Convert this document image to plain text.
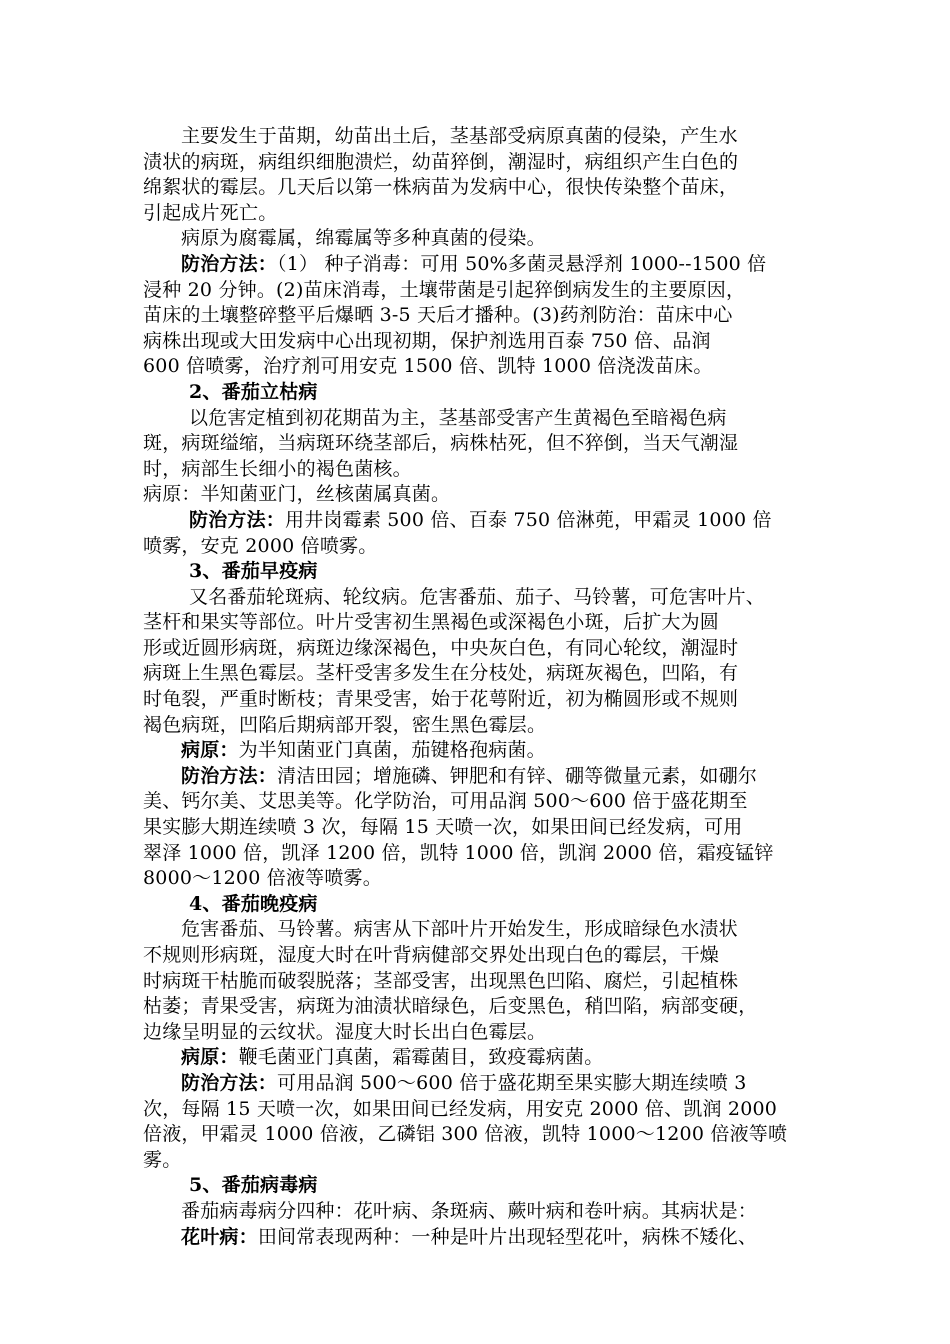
主要发生于苗期，幼苗出土后，茎基部受病原真菌的侵染，产生水

渍状的病斑，病组织细胞溃烂，幼苗猝倒，潮湿时，病组织产生白色的

绵絮状的霉层。几天后以第一株病苗为发病中心，很快传染整个苗床，

引起成片死亡。

病原为腐霉属，绵霉属等多种真菌的侵染。

防治方法：（1） 种子消毒：可用 50%多菌灵悬浮剂 1000--1500 倍

浸种 20 分钟。(2)苗床消毒，土壤带菌是引起猝倒病发生的主要原因，

苗床的土壤整碎整平后爆晒 3-5 天后才播种。(3)药剂防治：苗床中心

病株出现或大田发病中心出现初期，保护剂选用百泰 750 倍、品润

600 倍喷雾，治疗剂可用安克 1500 倍、凯特 1000 倍浇泼苗床。

2、番茄立枯病

以危害定植到初花期苗为主，茎基部受害产生黄褐色至暗褐色病

斑，病斑缢缩，当病斑环绕茎部后，病株枯死，但不猝倒，当天气潮湿

时，病部生长细小的褐色菌核。

病原：半知菌亚门，丝核菌属真菌。

防治方法：用井岗霉素 500 倍、百泰 750 倍淋蔸，甲霜灵 1000 倍

喷雾，安克 2000 倍喷雾。

3、番茄早疫病

又名番茄轮斑病、轮纹病。危害番茄、茄子、马铃薯，可危害叶片、

茎杆和果实等部位。叶片受害初生黑褐色或深褐色小斑，后扩大为圆

形或近圆形病斑，病斑边缘深褐色，中央灰白色，有同心轮纹，潮湿时

病斑上生黑色霉层。茎杆受害多发生在分枝处，病斑灰褐色，凹陷，有

时龟裂，严重时断枝；青果受害，始于花萼附近，初为椭圆形或不规则

褐色病斑，凹陷后期病部开裂，密生黑色霉层。

病原：为半知菌亚门真菌，茄键格孢病菌。

防治方法：清洁田园；增施磷、钾肥和有锌、硼等微量元素，如硼尔

美、钙尔美、艾思美等。化学防治，可用品润 500～600 倍于盛花期至

果实膨大期连续喷 3 次，每隔 15 天喷一次，如果田间已经发病，可用

翠泽 1000 倍，凯泽 1200 倍，凯特 1000 倍，凯润 2000 倍，霜疫锰锌

8000～1200 倍液等喷雾。

4、番茄晚疫病

危害番茄、马铃薯。病害从下部叶片开始发生，形成暗绿色水渍状

不规则形病斑，湿度大时在叶背病健部交界处出现白色的霉层，干燥

时病斑干枯脆而破裂脱落；茎部受害，出现黑色凹陷、腐烂，引起植株

枯萎；青果受害，病斑为油渍状暗绿色，后变黑色，稍凹陷，病部变硬，

边缘呈明显的云纹状。湿度大时长出白色霉层。

病原：鞭毛菌亚门真菌，霜霉菌目，致疫霉病菌。

防治方法：可用品润 500～600 倍于盛花期至果实膨大期连续喷 3

次，每隔 15 天喷一次，如果田间已经发病，用安克 2000 倍、凯润 2000

倍液，甲霜灵 1000 倍液，乙磷铝 300 倍液，凯特 1000～1200 倍液等喷

雾。

5、番茄病毒病

番茄病毒病分四种：花叶病、条斑病、蕨叶病和卷叶病。其病状是：

花叶病：田间常表现两种：一种是叶片出现轻型花叶，病株不矮化、
